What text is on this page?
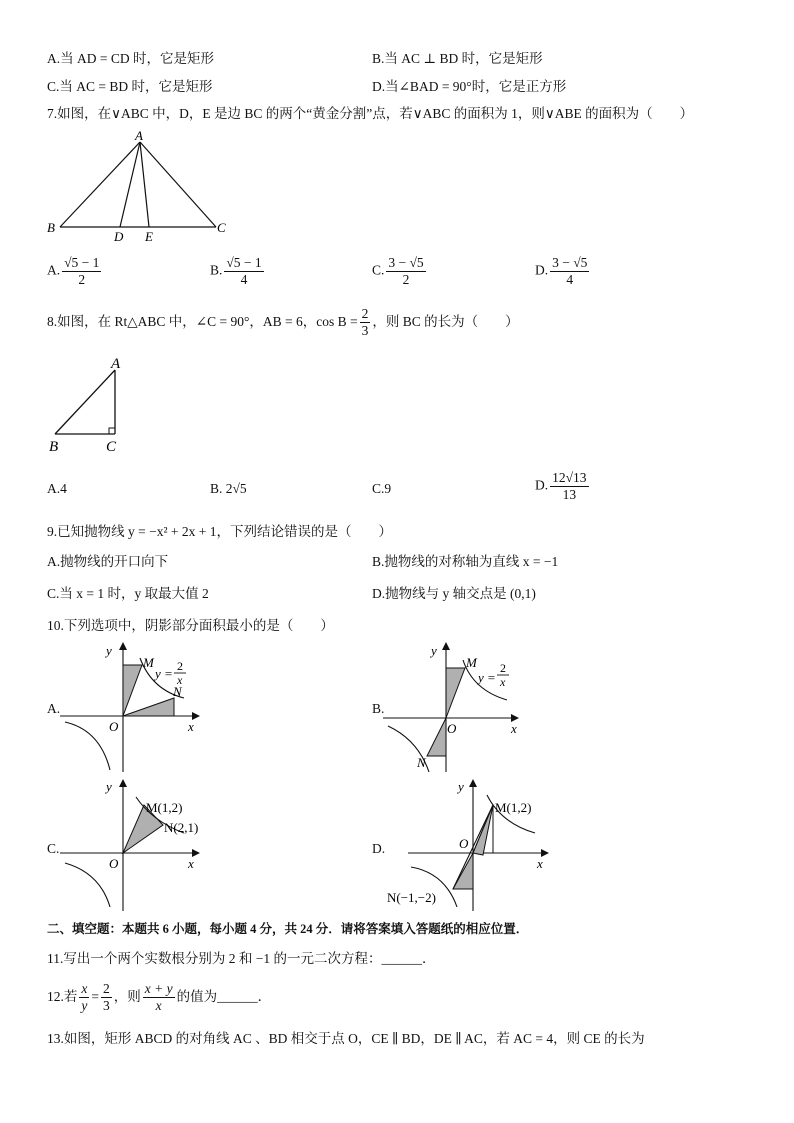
A.当 AD = CD 时，它是矩形	B.当 AC ⊥ BD 时，它是矩形
C.当 AC = BD 时，它是矩形	D.当∠BAD = 90°时，它是正方形
7.如图，在∨ABC 中，D，E 是边 BC 的两个“黄金分割”点，若∨ABC 的面积为 1，则∨ABE 的面积为（　　）
A
B	C
D E
A. $\frac{√5 - 1}{2}$	B. $\frac{√5 - 1}{4}$	C. $\frac{3 - √5}{2}$	D. $\frac{3 - √5}{4}$
8.如图，在 Rt△ABC 中，∠C = 90°，AB = 6，$\cos B = \frac{2}{3}$ ，则 BC 的长为（　　）
A
B	C
A.4	B. 2√5	C.9	D. $\frac{12√13}{13}$
9.已知抛物线 y = −x² + 2x + 1，下列结论错误的是（　　）
A.抛物线的开口向下	B.抛物线的对称轴为直线 x = −1
C.当 x = 1 时，y 取最大值 2	D.抛物线与 y 轴交点是 (0,1)
10.下列选项中，阴影部分面积最小的是（　　）
A.
y
x
O
M
N
y = 2
x
B.
y
x
O
M
N
y =
2
x
C.
y
x
O
M(1,2)
N(2,1)
D.
y
x
O
M(1,2)
N(−1,−2)
二、填空题：本题共 6 小题，每小题 4 分，共 24 分．请将答案填入答题纸的相应位置．
11.写出一个两个实数根分别为 2 和 −1 的一元二次方程：______．
12.若 $\frac{x}{y} = \frac{2}{3}$ ，则 $\frac{x + y}{x}$ 的值为______．
13.如图，矩形 ABCD 的对角线 AC 、BD 相交于点 O，CE ∥ BD，DE ∥ AC，若 AC = 4，则 CE 的长为
